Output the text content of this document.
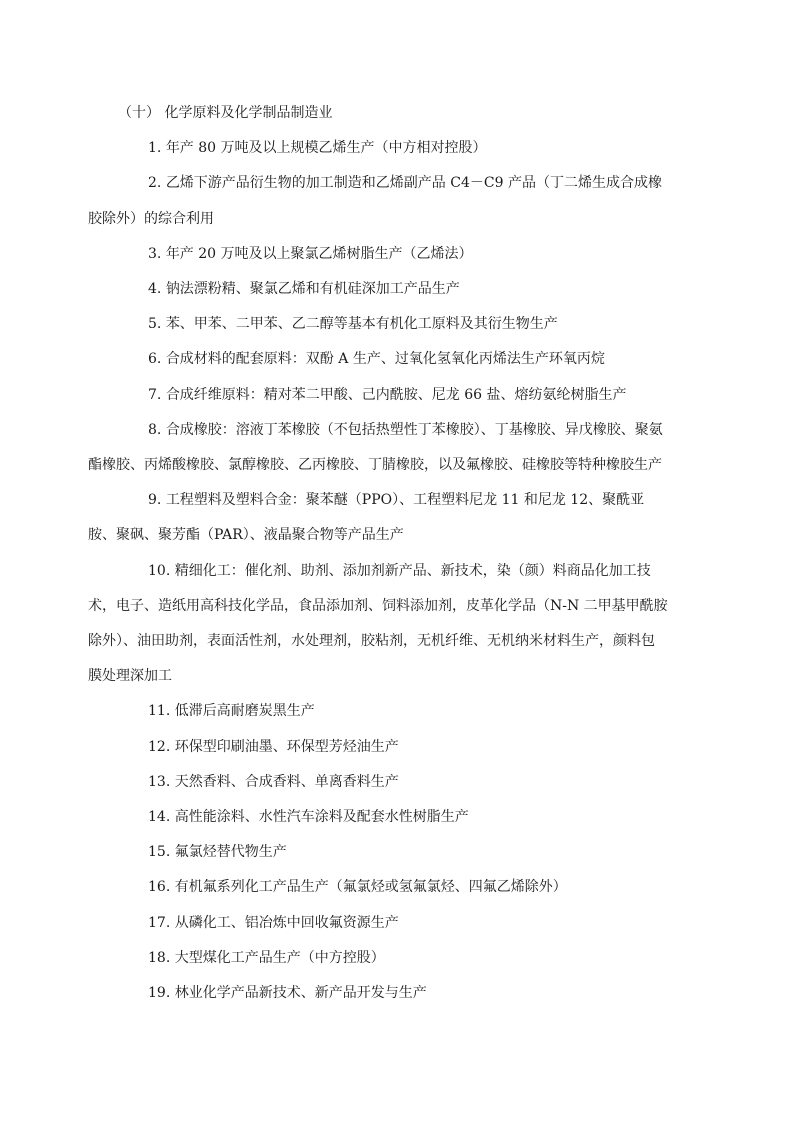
（十） 化学原料及化学制品制造业

1. 年产 80 万吨及以上规模乙烯生产（中方相对控股）

2. 乙烯下游产品衍生物的加工制造和乙烯副产品 C4－C9 产品（丁二烯生成合成橡胶除外）的综合利用

3. 年产 20 万吨及以上聚氯乙烯树脂生产（乙烯法）

4. 钠法漂粉精、聚氯乙烯和有机硅深加工产品生产

5. 苯、甲苯、二甲苯、乙二醇等基本有机化工原料及其衍生物生产

6. 合成材料的配套原料：双酚 A 生产、过氧化氢氧化丙烯法生产环氧丙烷

7. 合成纤维原料：精对苯二甲酸、己内酰胺、尼龙 66 盐、熔纺氨纶树脂生产

8. 合成橡胶：溶液丁苯橡胶（不包括热塑性丁苯橡胶）、丁基橡胶、异戊橡胶、聚氨酯橡胶、丙烯酸橡胶、氯醇橡胶、乙丙橡胶、丁腈橡胶，以及氟橡胶、硅橡胶等特种橡胶生产

9. 工程塑料及塑料合金：聚苯醚（PPO）、工程塑料尼龙 11 和尼龙 12、聚酰亚胺、聚砜、聚芳酯（PAR）、液晶聚合物等产品生产

10. 精细化工：催化剂、助剂、添加剂新产品、新技术，染（颜）料商品化加工技术，电子、造纸用高科技化学品，食品添加剂、饲料添加剂，皮革化学品（N-N 二甲基甲酰胺除外）、油田助剂，表面活性剂，水处理剂，胶粘剂，无机纤维、无机纳米材料生产，颜料包膜处理深加工

11. 低滞后高耐磨炭黑生产

12. 环保型印刷油墨、环保型芳烃油生产

13. 天然香料、合成香料、单离香料生产

14. 高性能涂料、水性汽车涂料及配套水性树脂生产

15. 氟氯烃替代物生产

16. 有机氟系列化工产品生产（氟氯烃或氢氟氯烃、四氟乙烯除外）

17. 从磷化工、铝冶炼中回收氟资源生产

18. 大型煤化工产品生产（中方控股）

19. 林业化学产品新技术、新产品开发与生产
